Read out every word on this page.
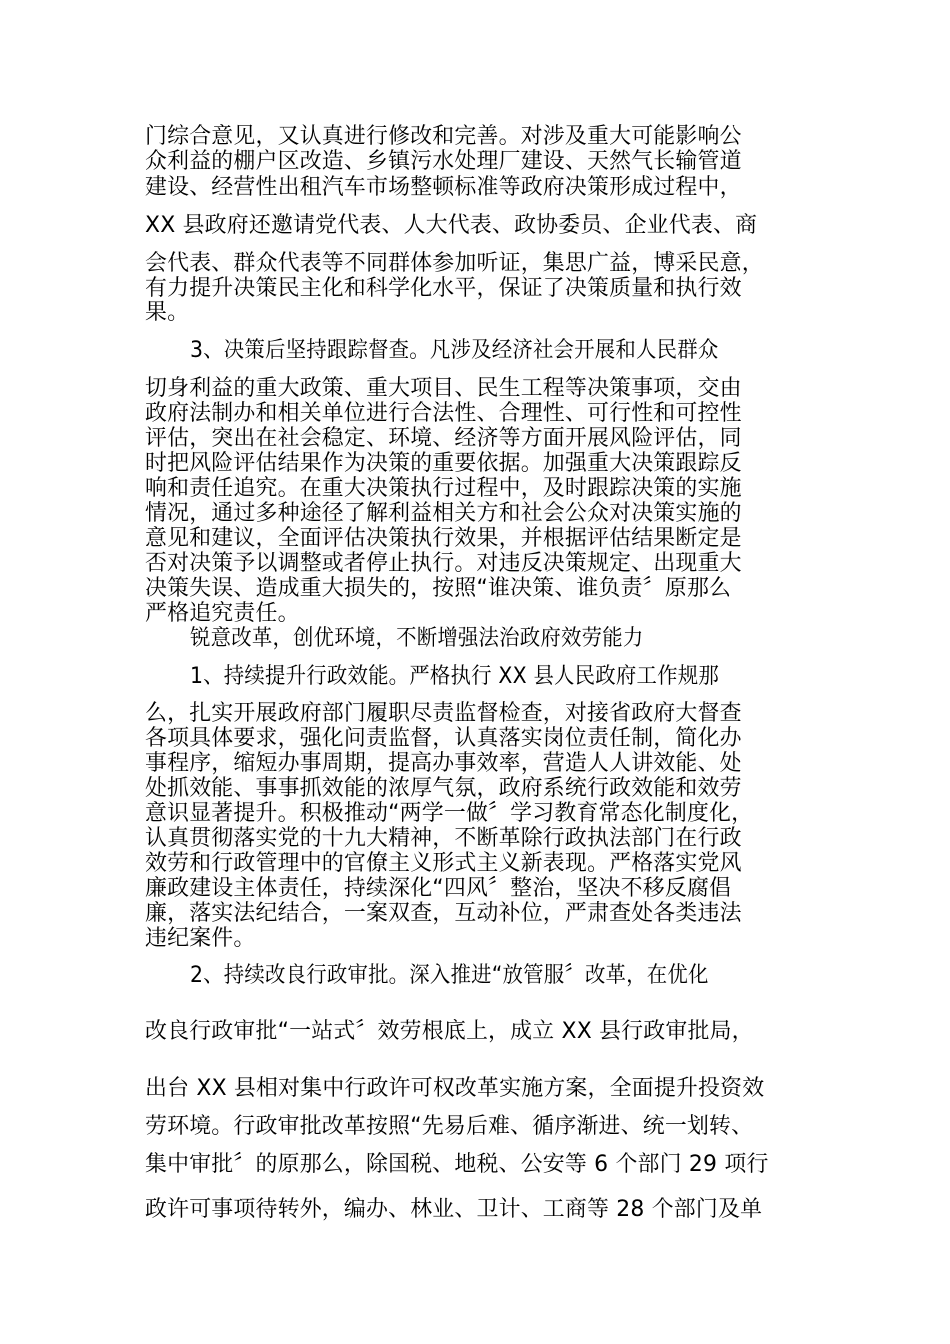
门综合意见，又认真进行修改和完善。对涉及重大可能影响公
众利益的棚户区改造、乡镇污水处理厂建设、天然气长输管道
建设、经营性出租汽车市场整顿标准等政府决策形成过程中，
XX 县政府还邀请党代表、人大代表、政协委员、企业代表、商
会代表、群众代表等不同群体参加听证，集思广益，博采民意，
有力提升决策民主化和科学化水平，保证了决策质量和执行效
果。
3、决策后坚持跟踪督查。凡涉及经济社会开展和人民群众
切身利益的重大政策、重大项目、民生工程等决策事项，交由
政府法制办和相关单位进行合法性、合理性、可行性和可控性
评估，突出在社会稳定、环境、经济等方面开展风险评估，同
时把风险评估结果作为决策的重要依据。加强重大决策跟踪反
响和责任追究。在重大决策执行过程中，及时跟踪决策的实施
情况，通过多种途径了解利益相关方和社会公众对决策实施的
意见和建议，全面评估决策执行效果，并根据评估结果断定是
否对决策予以调整或者停止执行。对违反决策规定、出现重大
决策失误、造成重大损失的，按照“谁决策、谁负责〞原那么
严格追究责任。
锐意改革，创优环境，不断增强法治政府效劳能力
1、持续提升行政效能。严格执行 XX 县人民政府工作规那
么，扎实开展政府部门履职尽责监督检查，对接省政府大督查
各项具体要求，强化问责监督，认真落实岗位责任制，简化办
事程序，缩短办事周期，提高办事效率，营造人人讲效能、处
处抓效能、事事抓效能的浓厚气氛，政府系统行政效能和效劳
意识显著提升。积极推动“两学一做〞学习教育常态化制度化，
认真贯彻落实党的十九大精神，不断革除行政执法部门在行政
效劳和行政管理中的官僚主义形式主义新表现。严格落实党风
廉政建设主体责任，持续深化“四风〞整治，坚决不移反腐倡
廉，落实法纪结合，一案双查，互动补位，严肃查处各类违法
违纪案件。
2、持续改良行政审批。深入推进“放管服〞改革，在优化
改良行政审批“一站式〞效劳根底上，成立 XX 县行政审批局，
出台 XX 县相对集中行政许可权改革实施方案，全面提升投资效
劳环境。行政审批改革按照“先易后难、循序渐进、统一划转、
集中审批〞的原那么，除国税、地税、公安等 6 个部门 29 项行
政许可事项待转外，编办、林业、卫计、工商等 28 个部门及单
